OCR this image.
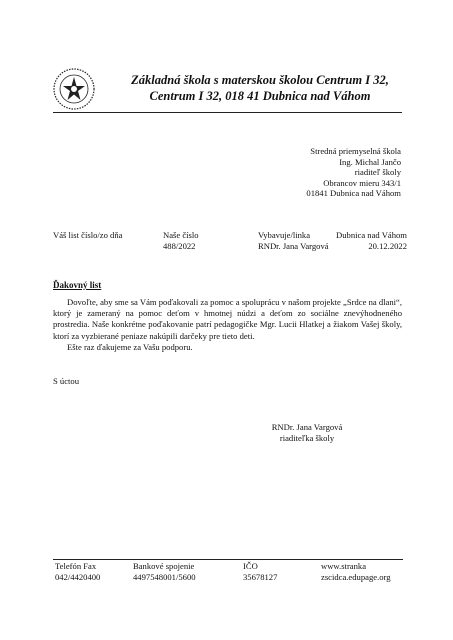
Základná škola s materskou školou Centrum I 32,
Centrum I 32, 018 41 Dubnica nad Váhom
Stredná priemyselná škola
Ing. Michal Jančo
riaditeľ školy
Obrancov mieru 343/1
01841 Dubnica nad Váhom
Váš list číslo/zo dňa	Naše číslo
488/2022
Vybavuje/linka
RNDr. Jana Vargová
Dubnica nad Váhom
20.12.2022
Ďakovný list

Dovoľte, aby sme sa Vám poďakovali za pomoc a spoluprácu v našom projekte „Srdce na dlani“, ktorý je zameraný na pomoc deťom v hmotnej núdzi a deťom zo sociálne znevýhodneného prostredia. Naše konkrétne poďakovanie patrí pedagogičke Mgr. Lucii Hlatkej a žiakom Vašej školy, ktorí za vyzbierané peniaze nakúpili darčeky pre tieto deti.

Ešte raz ďakujeme za Vašu podporu.

S úctou
RNDr. Jana Vargová
riaditeľka školy
Telefón Fax
042/4420400
Bankové spojenie
4497548001/5600
IČO
35678127
www.stranka
zscidca.edupage.org
